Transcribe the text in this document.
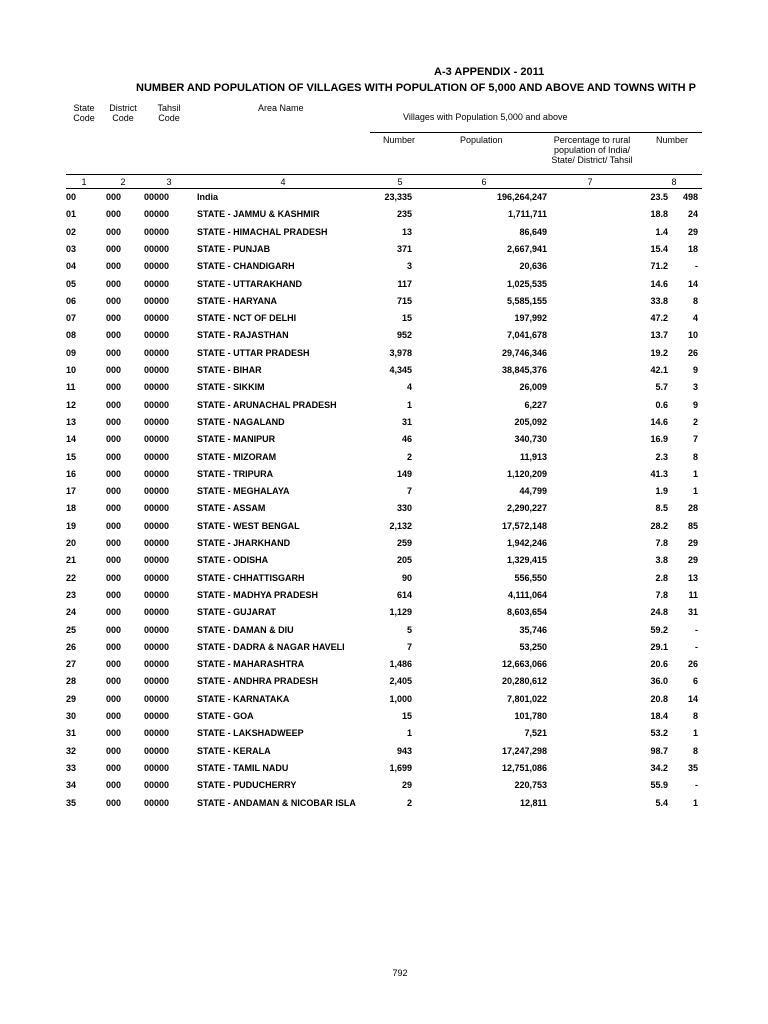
A-3 APPENDIX - 2011
NUMBER AND POPULATION OF VILLAGES WITH POPULATION OF 5,000 AND ABOVE AND TOWNS WITH P
State
Code
District
Code
Tahsil
Code
Area Name
Villages with Population 5,000 and above
Number	Population	Percentage to rural
population of India/
State/ District/ Tahsil
Number
1	2	3	4	5	6	7	8
00	000	00000	India	23,335	196,264,247	23.5 498
01	000	00000	STATE - JAMMU & KASHMIR	235	1,711,711	18.8 24
02	000	00000	STATE - HIMACHAL PRADESH	13	86,649	1.4 29
03	000	00000	STATE - PUNJAB	371	2,667,941	15.4 18
04	000	00000	STATE - CHANDIGARH	3	20,636	71.2	-
05	000	00000	STATE - UTTARAKHAND	117	1,025,535	14.6 14
06	000	00000	STATE - HARYANA	715	5,585,155	33.8	8
07	000	00000	STATE - NCT OF DELHI	15	197,992	47.2	4
08	000	00000	STATE - RAJASTHAN	952	7,041,678	13.7 10
09	000	00000	STATE - UTTAR PRADESH	3,978	29,746,346	19.2 26
10	000	00000	STATE - BIHAR	4,345	38,845,376	42.1	9
11	000	00000	STATE - SIKKIM	4	26,009	5.7	3
12	000	00000	STATE - ARUNACHAL PRADESH	1	6,227	0.6	9
13	000	00000	STATE - NAGALAND	31	205,092	14.6	2
14	000	00000	STATE - MANIPUR	46	340,730	16.9	7
15	000	00000	STATE - MIZORAM	2	11,913	2.3	8
16	000	00000	STATE - TRIPURA	149	1,120,209	41.3	1
17	000	00000	STATE - MEGHALAYA	7	44,799	1.9	1
18	000	00000	STATE - ASSAM	330	2,290,227	8.5 28
19	000	00000	STATE - WEST BENGAL	2,132	17,572,148	28.2 85
20	000	00000	STATE - JHARKHAND	259	1,942,246	7.8 29
21	000	00000	STATE - ODISHA	205	1,329,415	3.8 29
22	000	00000	STATE - CHHATTISGARH	90	556,550	2.8 13
23	000	00000	STATE - MADHYA PRADESH	614	4,111,064	7.8 11
24	000	00000	STATE - GUJARAT	1,129	8,603,654	24.8 31
25	000	00000	STATE - DAMAN & DIU	5	35,746	59.2	-
26	000	00000	STATE - DADRA & NAGAR HAVELI	7	53,250	29.1	-
27	000	00000	STATE - MAHARASHTRA	1,486	12,663,066	20.6 26
28	000	00000	STATE - ANDHRA PRADESH	2,405	20,280,612	36.0	6
29	000	00000	STATE - KARNATAKA	1,000	7,801,022	20.8 14
30	000	00000	STATE - GOA	15	101,780	18.4	8
31	000	00000	STATE - LAKSHADWEEP	1	7,521	53.2	1
32	000	00000	STATE - KERALA	943	17,247,298	98.7	8
33	000	00000	STATE - TAMIL NADU	1,699	12,751,086	34.2 35
34	000	00000	STATE - PUDUCHERRY	29	220,753	55.9	-
35	000	00000	STATE - ANDAMAN & NICOBAR ISLA	2	12,811	5.4	1
792
